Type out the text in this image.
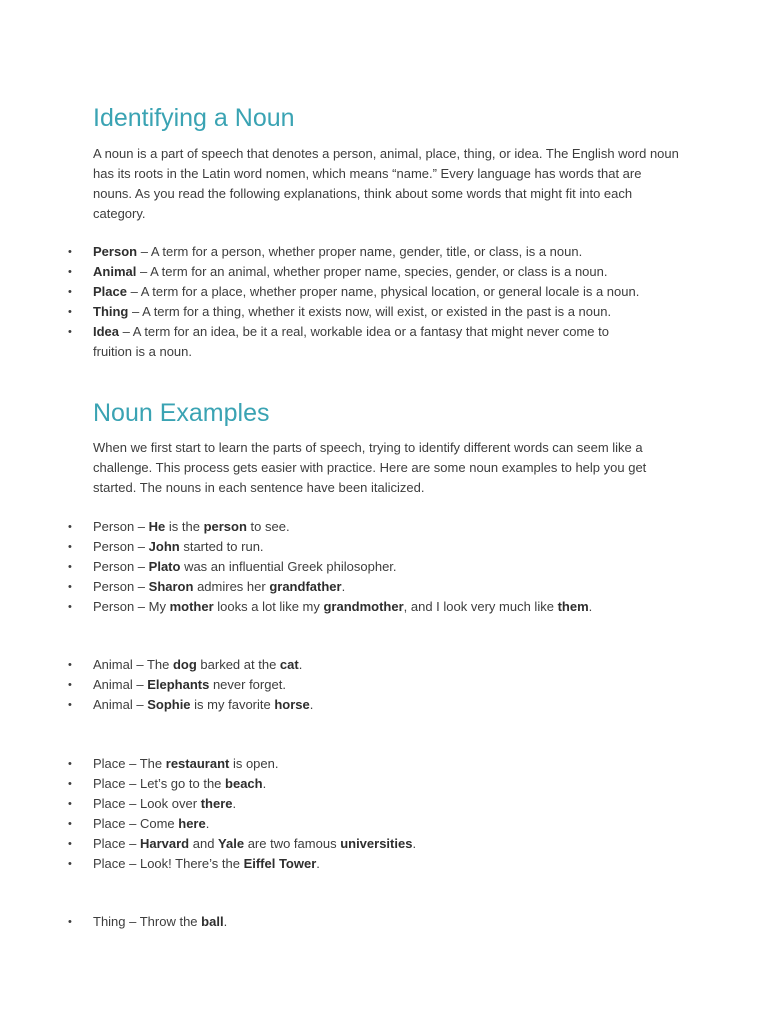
Identifying a Noun

A noun is a part of speech that denotes a person, animal, place, thing, or idea. The English word noun has its roots in the Latin word nomen, which means “name.” Every language has words that are nouns. As you read the following explanations, think about some words that might fit into each category.

• Person – A term for a person, whether proper name, gender, title, or class, is a noun.
• Animal – A term for an animal, whether proper name, species, gender, or class is a noun.
• Place – A term for a place, whether proper name, physical location, or general locale is a noun.
• Thing – A term for a thing, whether it exists now, will exist, or existed in the past is a noun.
• Idea – A term for an idea, be it a real, workable idea or a fantasy that might never come to fruition is a noun.
Noun Examples

When we first start to learn the parts of speech, trying to identify different words can seem like a challenge. This process gets easier with practice. Here are some noun examples to help you get started. The nouns in each sentence have been italicized.

• Person – He is the person to see.
• Person – John started to run.
• Person – Plato was an influential Greek philosopher.
• Person – Sharon admires her grandfather.
• Person – My mother looks a lot like my grandmother, and I look very much like them.
• Animal – The dog barked at the cat.
• Animal – Elephants never forget.
• Animal – Sophie is my favorite horse.
• Place – The restaurant is open.
• Place – Let’s go to the beach.
• Place – Look over there.
• Place – Come here.
• Place – Harvard and Yale are two famous universities.
• Place – Look! There’s the Eiffel Tower.
• Thing – Throw the ball.
